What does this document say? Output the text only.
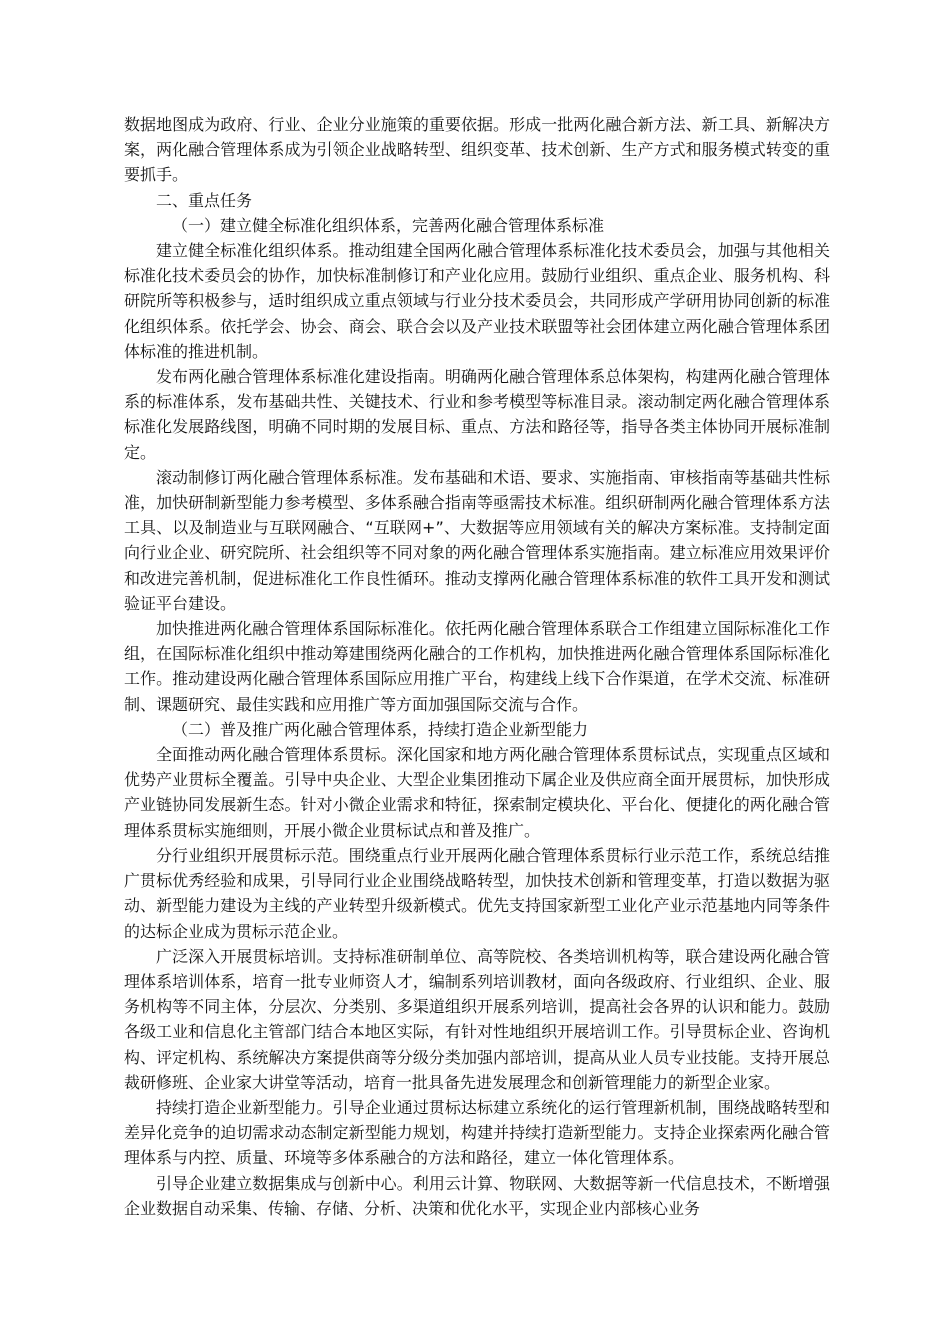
数据地图成为政府、行业、企业分业施策的重要依据。形成一批两化融合新方法、新工具、新解决方案，两化融合管理体系成为引领企业战略转型、组织变革、技术创新、生产方式和服务模式转变的重要抓手。

二、重点任务

（一）建立健全标准化组织体系，完善两化融合管理体系标准

建立健全标准化组织体系。推动组建全国两化融合管理体系标准化技术委员会，加强与其他相关标准化技术委员会的协作，加快标准制修订和产业化应用。鼓励行业组织、重点企业、服务机构、科研院所等积极参与，适时组织成立重点领域与行业分技术委员会，共同形成产学研用协同创新的标准化组织体系。依托学会、协会、商会、联合会以及产业技术联盟等社会团体建立两化融合管理体系团体标准的推进机制。

发布两化融合管理体系标准化建设指南。明确两化融合管理体系总体架构，构建两化融合管理体系的标准体系，发布基础共性、关键技术、行业和参考模型等标准目录。滚动制定两化融合管理体系标准化发展路线图，明确不同时期的发展目标、重点、方法和路径等，指导各类主体协同开展标准制定。

滚动制修订两化融合管理体系标准。发布基础和术语、要求、实施指南、审核指南等基础共性标准，加快研制新型能力参考模型、多体系融合指南等亟需技术标准。组织研制两化融合管理体系方法工具、以及制造业与互联网融合、“互联网+”、大数据等应用领域有关的解决方案标准。支持制定面向行业企业、研究院所、社会组织等不同对象的两化融合管理体系实施指南。建立标准应用效果评价和改进完善机制，促进标准化工作良性循环。推动支撑两化融合管理体系标准的软件工具开发和测试验证平台建设。

加快推进两化融合管理体系国际标准化。依托两化融合管理体系联合工作组建立国际标准化工作组，在国际标准化组织中推动筹建围绕两化融合的工作机构，加快推进两化融合管理体系国际标准化工作。推动建设两化融合管理体系国际应用推广平台，构建线上线下合作渠道，在学术交流、标准研制、课题研究、最佳实践和应用推广等方面加强国际交流与合作。

（二）普及推广两化融合管理体系，持续打造企业新型能力

全面推动两化融合管理体系贯标。深化国家和地方两化融合管理体系贯标试点，实现重点区域和优势产业贯标全覆盖。引导中央企业、大型企业集团推动下属企业及供应商全面开展贯标，加快形成产业链协同发展新生态。针对小微企业需求和特征，探索制定模块化、平台化、便捷化的两化融合管理体系贯标实施细则，开展小微企业贯标试点和普及推广。

分行业组织开展贯标示范。围绕重点行业开展两化融合管理体系贯标行业示范工作，系统总结推广贯标优秀经验和成果，引导同行业企业围绕战略转型，加快技术创新和管理变革，打造以数据为驱动、新型能力建设为主线的产业转型升级新模式。优先支持国家新型工业化产业示范基地内同等条件的达标企业成为贯标示范企业。

广泛深入开展贯标培训。支持标准研制单位、高等院校、各类培训机构等，联合建设两化融合管理体系培训体系，培育一批专业师资人才，编制系列培训教材，面向各级政府、行业组织、企业、服务机构等不同主体，分层次、分类别、多渠道组织开展系列培训，提高社会各界的认识和能力。鼓励各级工业和信息化主管部门结合本地区实际，有针对性地组织开展培训工作。引导贯标企业、咨询机构、评定机构、系统解决方案提供商等分级分类加强内部培训，提高从业人员专业技能。支持开展总裁研修班、企业家大讲堂等活动，培育一批具备先进发展理念和创新管理能力的新型企业家。

持续打造企业新型能力。引导企业通过贯标达标建立系统化的运行管理新机制，围绕战略转型和差异化竞争的迫切需求动态制定新型能力规划，构建并持续打造新型能力。支持企业探索两化融合管理体系与内控、质量、环境等多体系融合的方法和路径，建立一体化管理体系。

引导企业建立数据集成与创新中心。利用云计算、物联网、大数据等新一代信息技术，不断增强企业数据自动采集、传输、存储、分析、决策和优化水平，实现企业内部核心业务
